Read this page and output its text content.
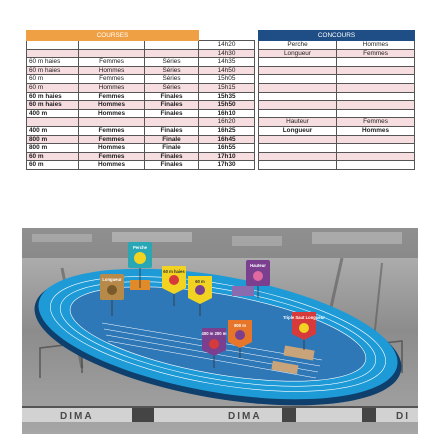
COURSES					CONCOURS	
			14h20		Perche	Hommes
			14h30		Longueur	Femmes
60 m haies	Femmes	Séries	14h35			
60 m haies	Hommes	Séries	14h50			
60 m	Femmes	Séries	15h05			
60 m	Hommes	Séries	15h15			
60 m haies	Femmes	Finales	15h35			
60 m haies	Hommes	Finales	15h50			
400 m	Hommes	Finales	16h10			
			16h20		Hauteur	Femmes
400 m	Femmes	Finales	16h25		Longueur	Hommes
800 m	Femmes	Finale	16h45			
800 m	Hommes	Finale	16h55			
60 m	Femmes	Finales	17h10			
60 m	Hommes	Finales	17h30			
DIMA	DIMA	DI
Perche
Hauteur
Longueur
60 m haies
60 m
Triple Saut Longueur
800 m
400 m 200 m
